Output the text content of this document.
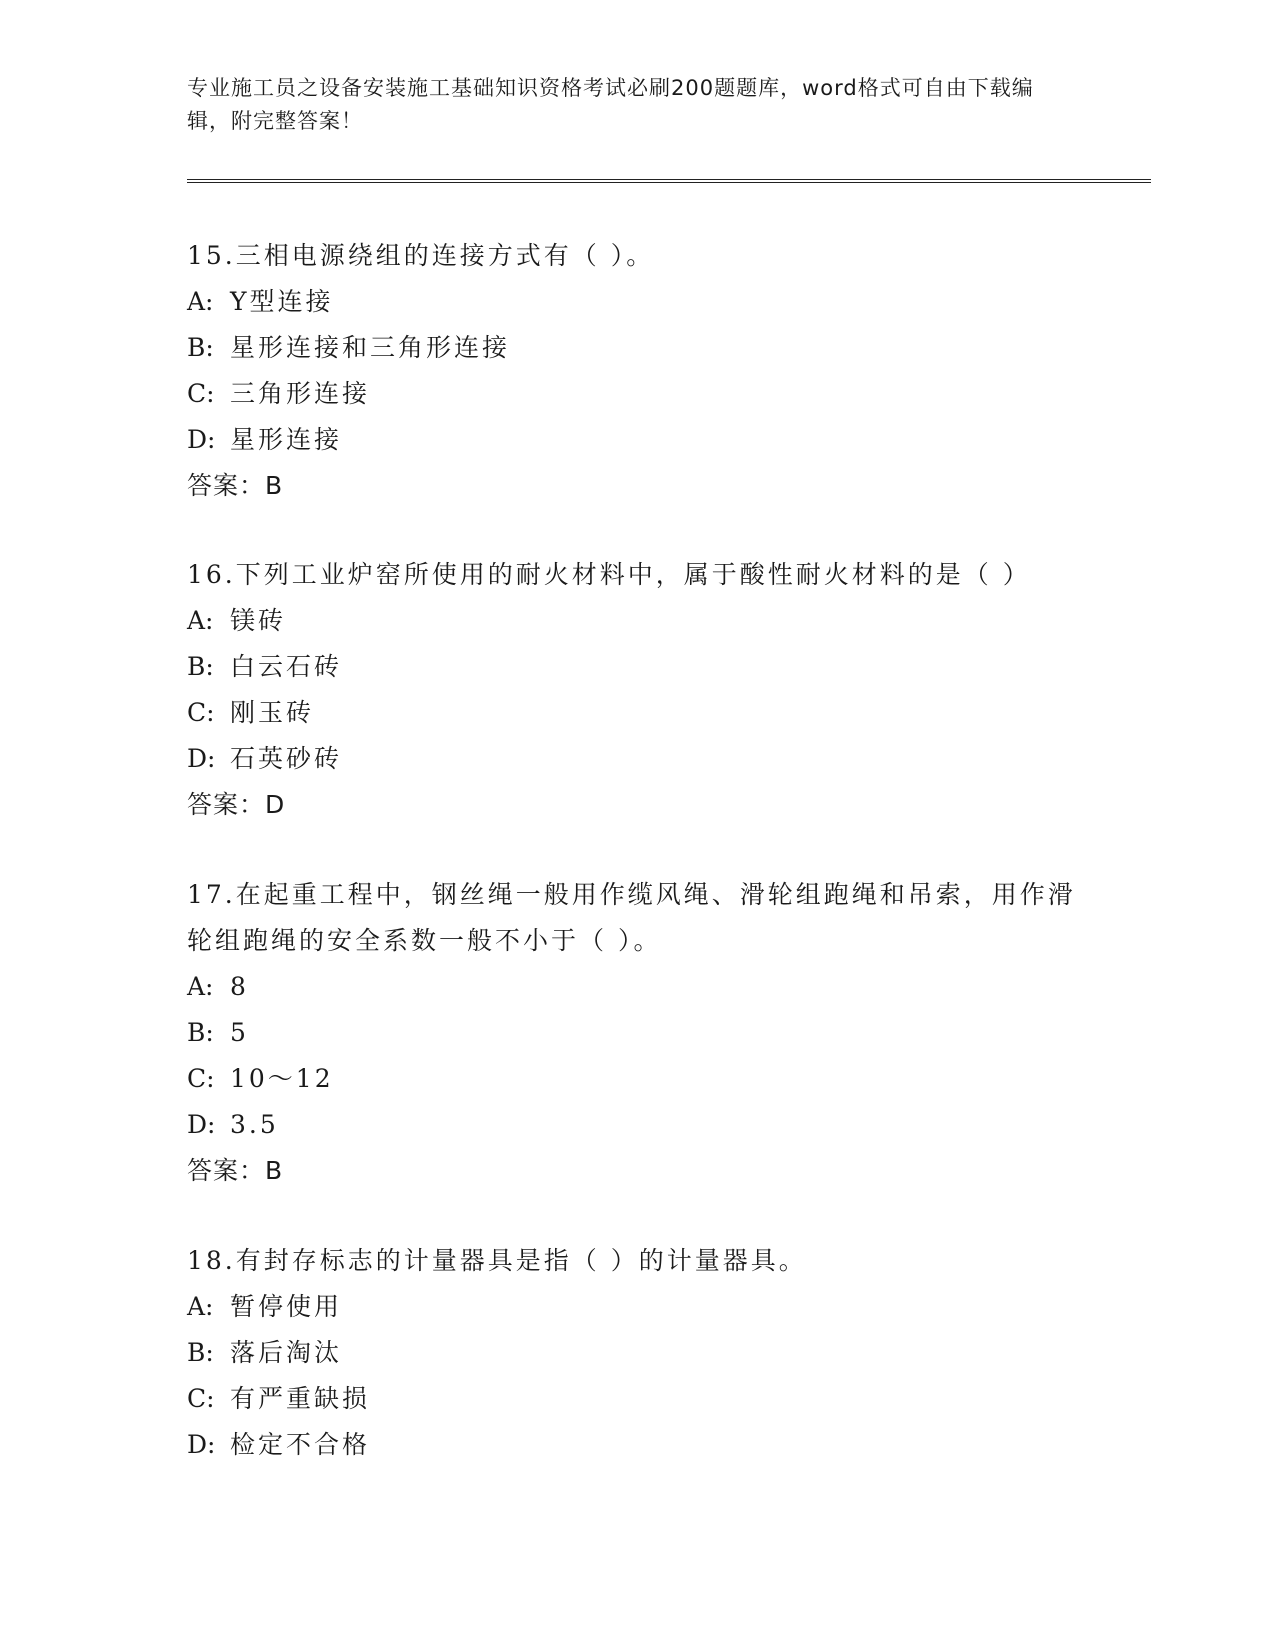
专业施工员之设备安装施工基础知识资格考试必刷200题题库，word格式可自由下载编辑，附完整答案！
15.三相电源绕组的连接方式有（ ）。
A: Y型连接
B: 星形连接和三角形连接
C: 三角形连接
D: 星形连接
答案：B
16.下列工业炉窑所使用的耐火材料中，属于酸性耐火材料的是（ ）
A: 镁砖
B: 白云石砖
C: 刚玉砖
D: 石英砂砖
答案：D
17.在起重工程中，钢丝绳一般用作缆风绳、滑轮组跑绳和吊索，用作滑轮组跑绳的安全系数一般不小于（ ）。
A: 8
B: 5
C: 10～12
D: 3.5
答案：B
18.有封存标志的计量器具是指（ ）的计量器具。
A: 暂停使用
B: 落后淘汰
C: 有严重缺损
D: 检定不合格
